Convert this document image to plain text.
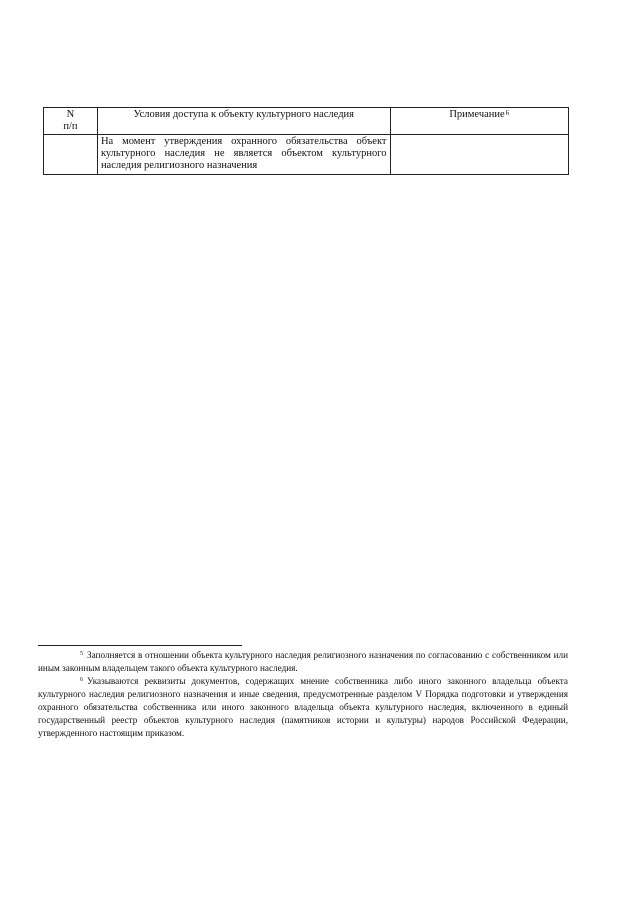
N
п/п	Условия доступа к объекту культурного наследия	Примечание$^6$
	На момент утверждения охранного обязательства объект культурного наследия не является объектом культурного наследия религиозного назначения	

$^5$ Заполняется в отношении объекта культурного наследия религиозного назначения по согласованию с собственником или иным законным владельцем такого объекта культурного наследия.

$^6$ Указываются реквизиты документов, содержащих мнение собственника либо иного законного владельца объекта культурного наследия религиозного назначения и иные сведения, предусмотренные разделом V Порядка подготовки и утверждения охранного обязательства собственника или иного законного владельца объекта культурного наследия, включенного в единый государственный реестр объектов культурного наследия (памятников истории и культуры) народов Российской Федерации, утвержденного настоящим приказом.
